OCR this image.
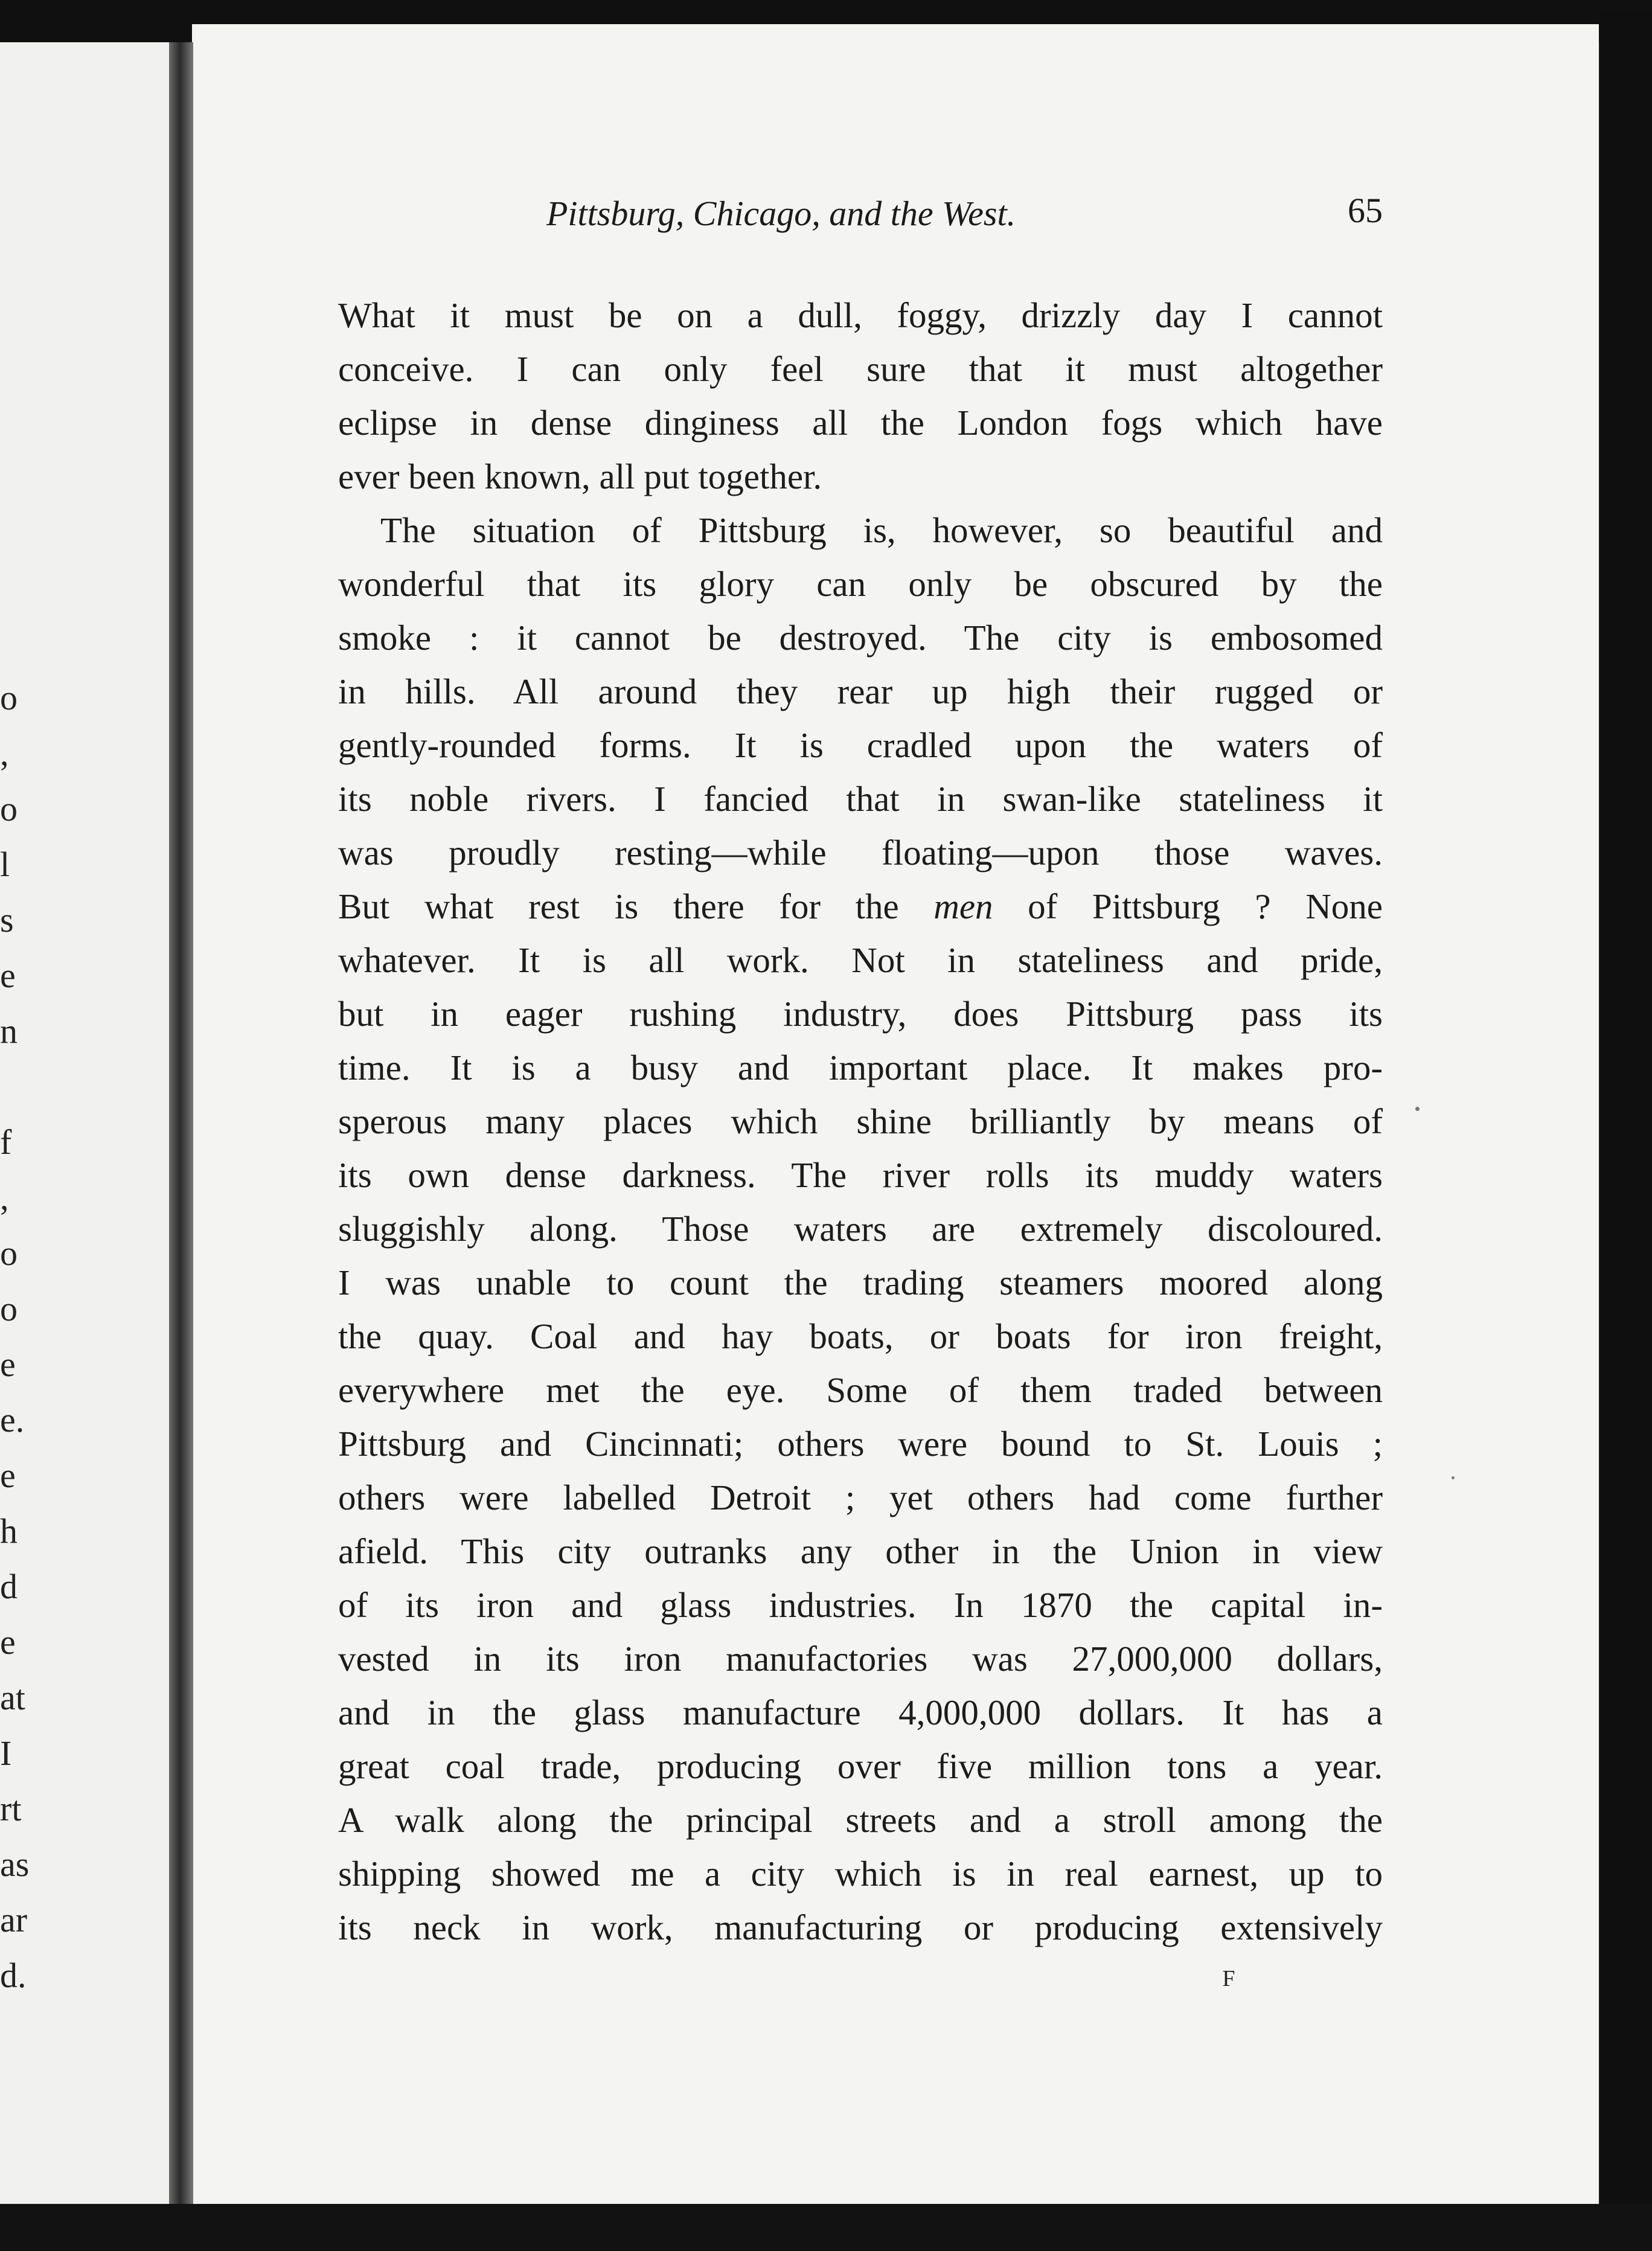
o
,
o
l
s
e
n
f
,
o
o
e
e.
e
h
d
e
at
I
rt
as
ar
d.
Pittsburg, Chicago, and the West.	65
What it must be on a dull, foggy, drizzly day I cannot
conceive. I can only feel sure that it must altogether
eclipse in dense dinginess all the London fogs which have
ever been known, all put together.
The situation of Pittsburg is, however, so beautiful and
wonderful that its glory can only be obscured by the
smoke : it cannot be destroyed. The city is embosomed
in hills. All around they rear up high their rugged or
gently-rounded forms. It is cradled upon the waters of
its noble rivers. I fancied that in swan-like stateliness it
was proudly resting—while floating—upon those waves.
But what rest is there for the men of Pittsburg ? None
whatever. It is all work. Not in stateliness and pride,
but in eager rushing industry, does Pittsburg pass its
time. It is a busy and important place. It makes pro-
sperous many places which shine brilliantly by means of
its own dense darkness. The river rolls its muddy waters
sluggishly along. Those waters are extremely discoloured.
I was unable to count the trading steamers moored along
the quay. Coal and hay boats, or boats for iron freight,
everywhere met the eye. Some of them traded between
Pittsburg and Cincinnati; others were bound to St. Louis ;
others were labelled Detroit ; yet others had come further
afield. This city outranks any other in the Union in view
of its iron and glass industries. In 1870 the capital in-
vested in its iron manufactories was 27,000,000 dollars,
and in the glass manufacture 4,000,000 dollars. It has a
great coal trade, producing over five million tons a year.
A walk along the principal streets and a stroll among the
shipping showed me a city which is in real earnest, up to
its neck in work, manufacturing or producing extensively
F
